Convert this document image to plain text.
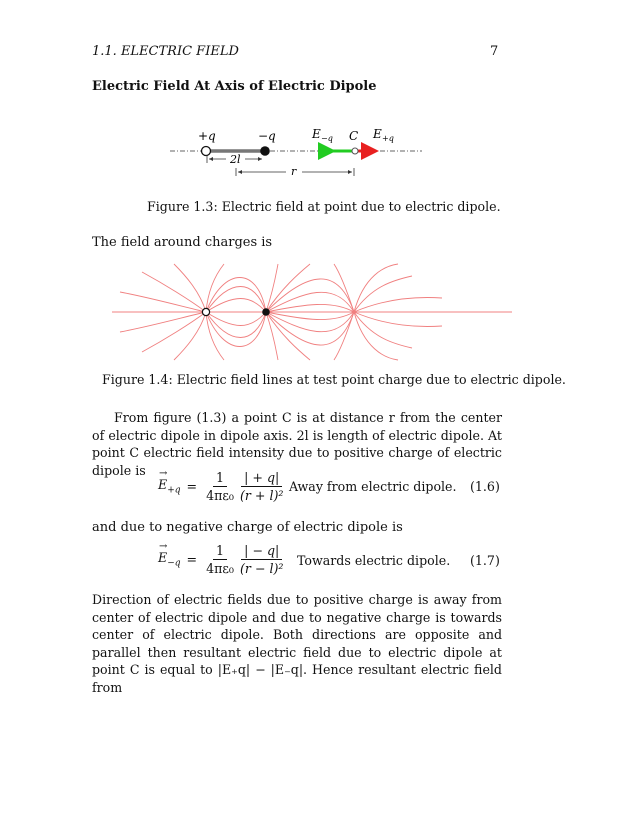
1.1. ELECTRIC FIELD	7
Electric Field At Axis of Electric Dipole
+q	−q	E −q C E +q
2l
r
Figure 1.3: Electric field at point due to electric dipole.
The field around charges is
Figure 1.4: Electric field lines at test point charge due to electric dipole.
From figure (1.3) a point C is at distance r from the center of electric dipole in dipole axis. 2l is length of electric dipole. At point C electric field intensity due to positive charge of electric dipole is	→
$E_{+q} = \frac{1}{\text{4πε₀}} \frac{| + q|}{\text{(r + l)²}}$ Away from electric dipole. (1.6)
and due to negative charge of electric dipole is
→
$E_{-q} = \frac{1}{\text{4πε₀}} \frac{| - q|}{\text{(r − l)²}}$ Towards electric dipole. (1.7)
Direction of electric fields due to positive charge is away from center of electric dipole and due to negative charge is towards center of electric dipole. Both directions are opposite and parallel then resultant electric field due to electric dipole at point C is equal to |E₊q| − |E₋q|. Hence resultant electric field from
